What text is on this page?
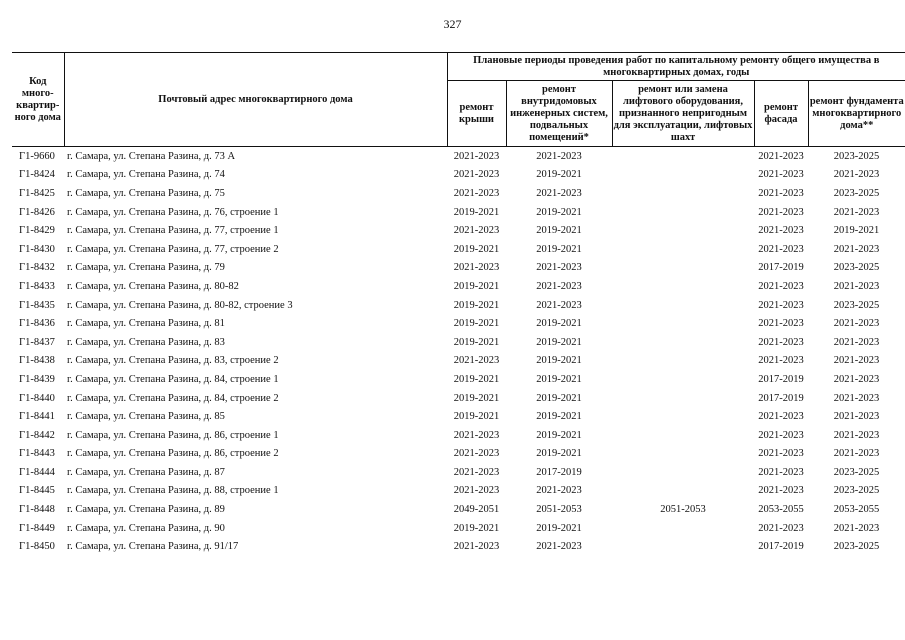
327
Код много-квартир-ного дома	Почтовый адрес многоквартирного дома	Плановые периоды проведения работ по капитальному ремонту общего имущества в многоквартирных домах, годы				
		ремонт крыши	ремонт внутридомовых инженерных систем, подвальных помещений*	ремонт или замена лифтового оборудования, признанного непригодным для эксплуатации, лифтовых шахт	ремонт фасада	ремонт фундамента многоквартирного дома**
Г1-9660	г. Самара, ул. Степана Разина, д. 73 А	2021-2023	2021-2023		2021-2023	2023-2025
Г1-8424	г. Самара, ул. Степана Разина, д. 74	2021-2023	2019-2021		2021-2023	2021-2023
Г1-8425	г. Самара, ул. Степана Разина, д. 75	2021-2023	2021-2023		2021-2023	2023-2025
Г1-8426	г. Самара, ул. Степана Разина, д. 76, строение 1	2019-2021	2019-2021		2021-2023	2021-2023
Г1-8429	г. Самара, ул. Степана Разина, д. 77, строение 1	2021-2023	2019-2021		2021-2023	2019-2021
Г1-8430	г. Самара, ул. Степана Разина, д. 77, строение 2	2019-2021	2019-2021		2021-2023	2021-2023
Г1-8432	г. Самара, ул. Степана Разина, д. 79	2021-2023	2021-2023		2017-2019	2023-2025
Г1-8433	г. Самара, ул. Степана Разина, д. 80-82	2019-2021	2021-2023		2021-2023	2021-2023
Г1-8435	г. Самара, ул. Степана Разина, д. 80-82, строение 3	2019-2021	2021-2023		2021-2023	2023-2025
Г1-8436	г. Самара, ул. Степана Разина, д. 81	2019-2021	2019-2021		2021-2023	2021-2023
Г1-8437	г. Самара, ул. Степана Разина, д. 83	2019-2021	2019-2021		2021-2023	2021-2023
Г1-8438	г. Самара, ул. Степана Разина, д. 83, строение 2	2021-2023	2019-2021		2021-2023	2021-2023
Г1-8439	г. Самара, ул. Степана Разина, д. 84, строение 1	2019-2021	2019-2021		2017-2019	2021-2023
Г1-8440	г. Самара, ул. Степана Разина, д. 84, строение 2	2019-2021	2019-2021		2017-2019	2021-2023
Г1-8441	г. Самара, ул. Степана Разина, д. 85	2019-2021	2019-2021		2021-2023	2021-2023
Г1-8442	г. Самара, ул. Степана Разина, д. 86, строение 1	2021-2023	2019-2021		2021-2023	2021-2023
Г1-8443	г. Самара, ул. Степана Разина, д. 86, строение 2	2021-2023	2019-2021		2021-2023	2021-2023
Г1-8444	г. Самара, ул. Степана Разина, д. 87	2021-2023	2017-2019		2021-2023	2023-2025
Г1-8445	г. Самара, ул. Степана Разина, д. 88, строение 1	2021-2023	2021-2023		2021-2023	2023-2025
Г1-8448	г. Самара, ул. Степана Разина, д. 89	2049-2051	2051-2053	2051-2053	2053-2055	2053-2055
Г1-8449	г. Самара, ул. Степана Разина, д. 90	2019-2021	2019-2021		2021-2023	2021-2023
Г1-8450	г. Самара, ул. Степана Разина, д. 91/17	2021-2023	2021-2023		2017-2019	2023-2025
